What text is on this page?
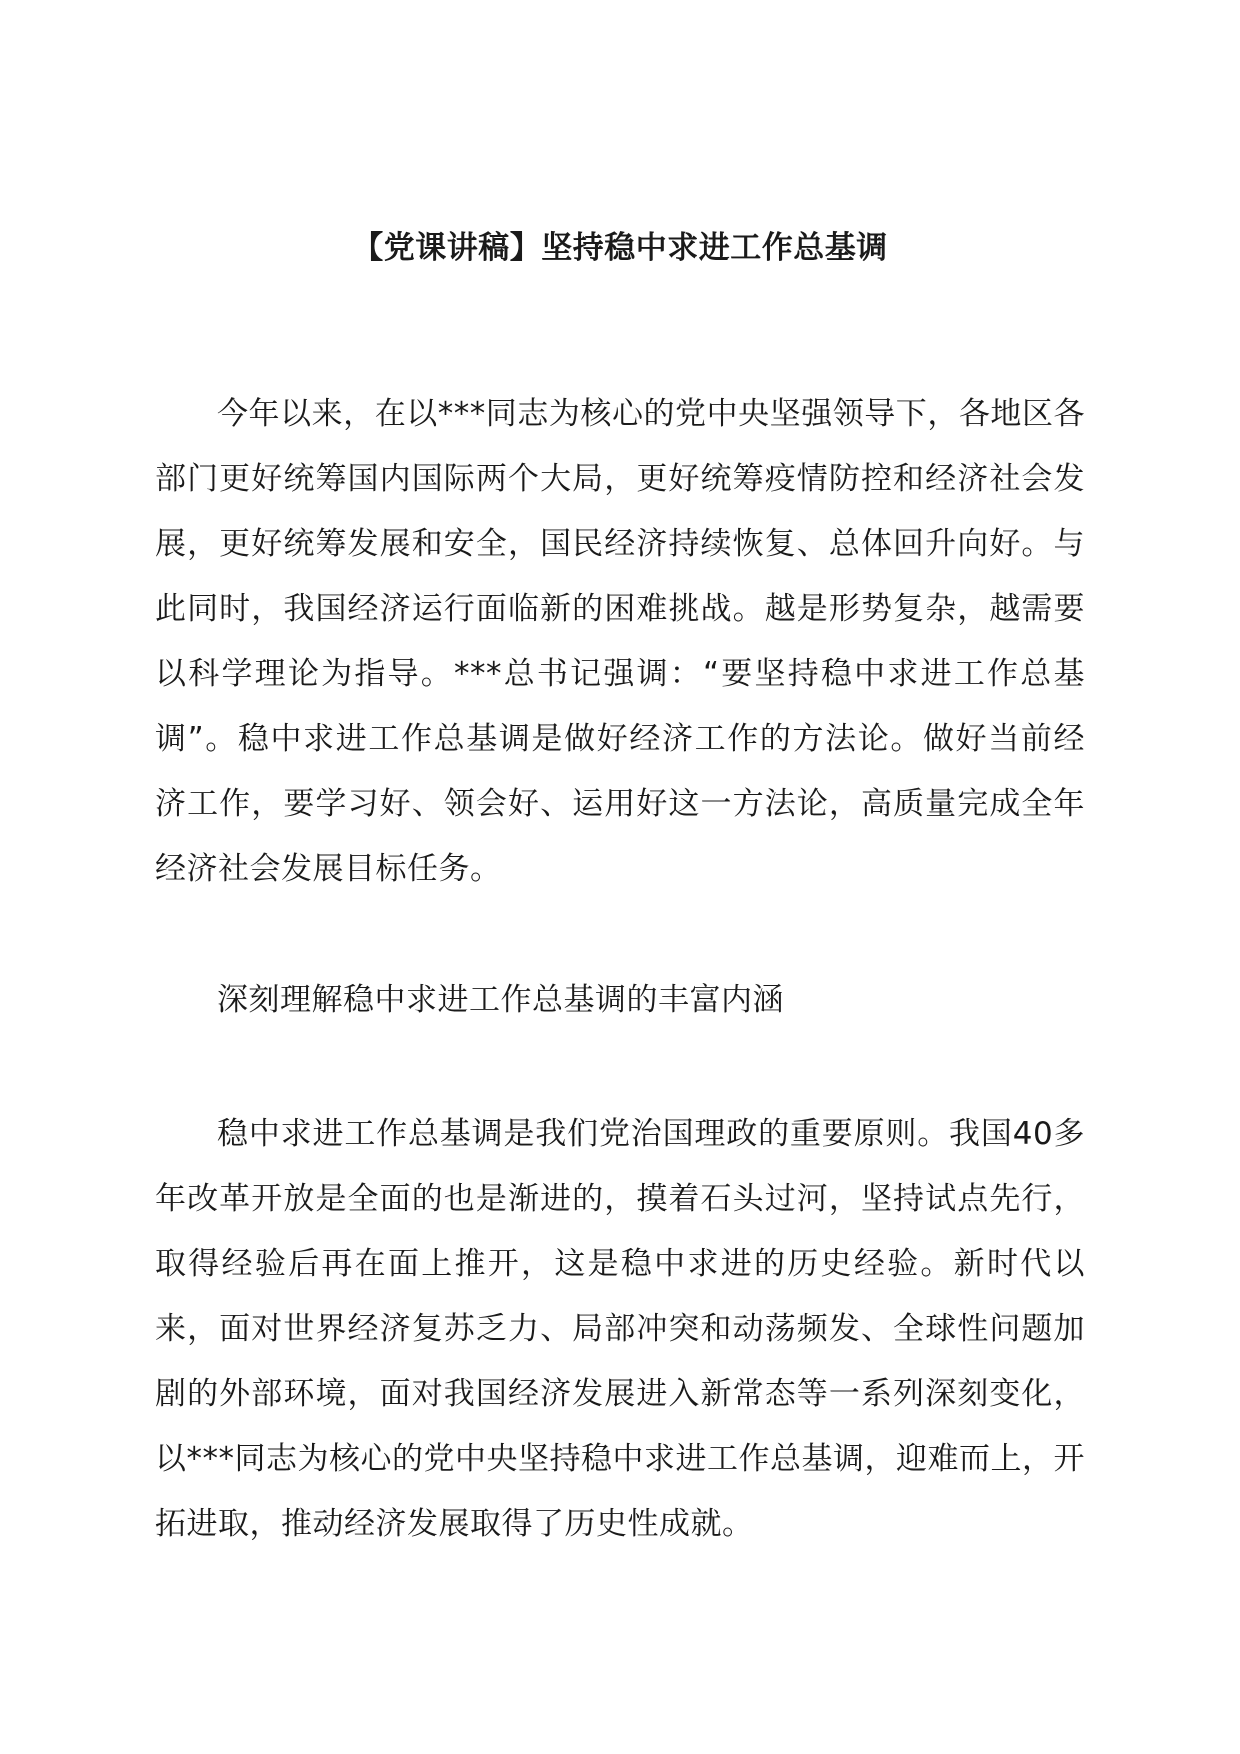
【党课讲稿】坚持稳中求进工作总基调

今年以来，在以***同志为核心的党中央坚强领导下，各地区各部门更好统筹国内国际两个大局，更好统筹疫情防控和经济社会发展，更好统筹发展和安全，国民经济持续恢复、总体回升向好。与此同时，我国经济运行面临新的困难挑战。越是形势复杂，越需要以科学理论为指导。***总书记强调：“要坚持稳中求进工作总基调”。稳中求进工作总基调是做好经济工作的方法论。做好当前经济工作，要学习好、领会好、运用好这一方法论，高质量完成全年经济社会发展目标任务。

深刻理解稳中求进工作总基调的丰富内涵

稳中求进工作总基调是我们党治国理政的重要原则。我国40多年改革开放是全面的也是渐进的，摸着石头过河，坚持试点先行，取得经验后再在面上推开，这是稳中求进的历史经验。新时代以来，面对世界经济复苏乏力、局部冲突和动荡频发、全球性问题加剧的外部环境，面对我国经济发展进入新常态等一系列深刻变化，以***同志为核心的党中央坚持稳中求进工作总基调，迎难而上，开拓进取，推动经济发展取得了历史性成就。
